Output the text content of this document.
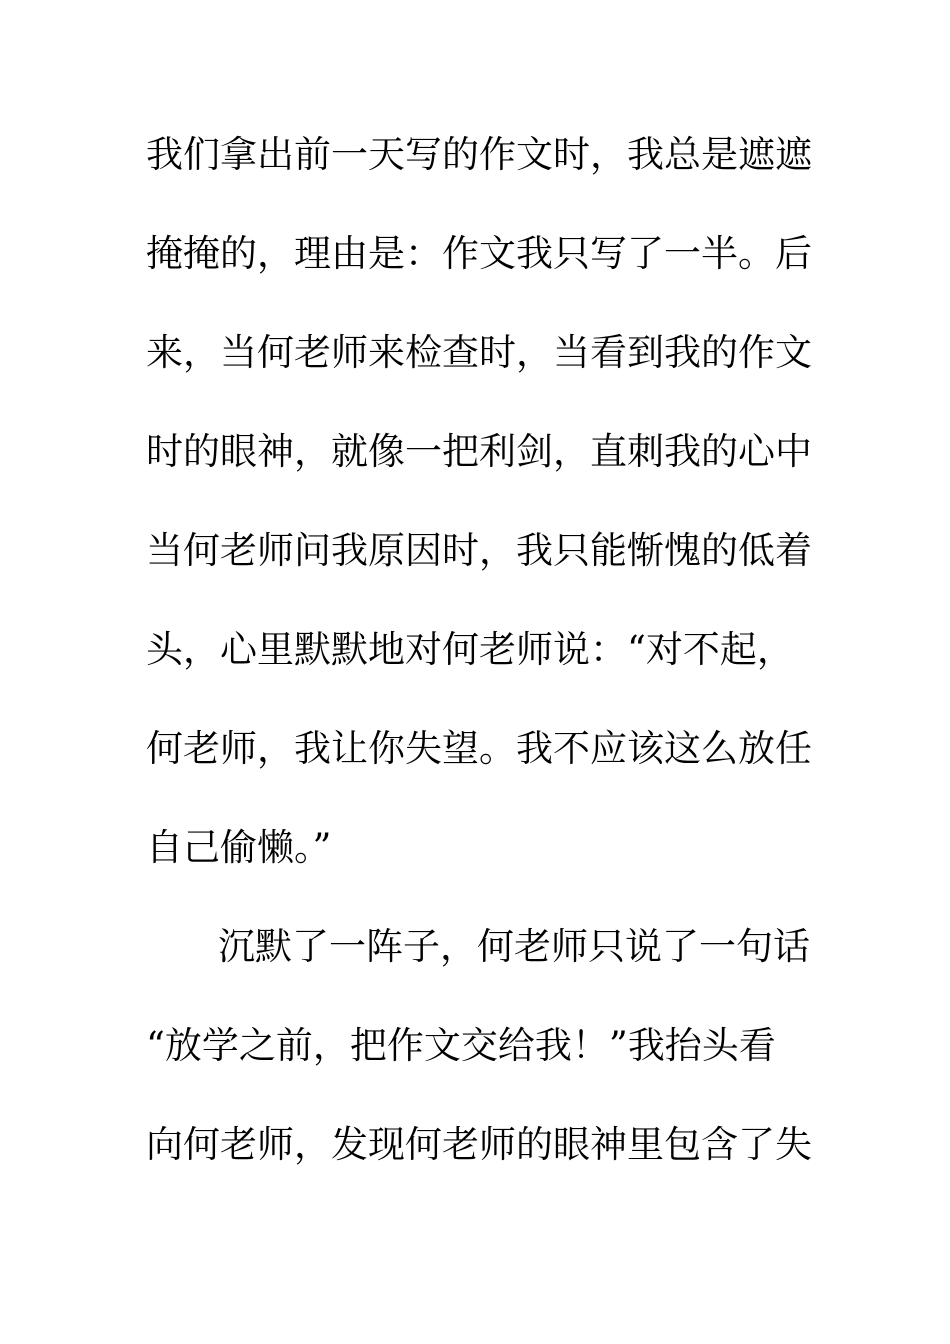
我们拿出前一天写的作文时，我总是遮遮
掩掩的，理由是：作文我只写了一半。后
来，当何老师来检查时，当看到我的作文
时的眼神，就像一把利剑，直刺我的心中
当何老师问我原因时，我只能惭愧的低着
头，心里默默地对何老师说：“对不起，
何老师，我让你失望。我不应该这么放任
自己偷懒。”
沉默了一阵子，何老师只说了一句话
“放学之前，把作文交给我！”我抬头看
向何老师，发现何老师的眼神里包含了失
